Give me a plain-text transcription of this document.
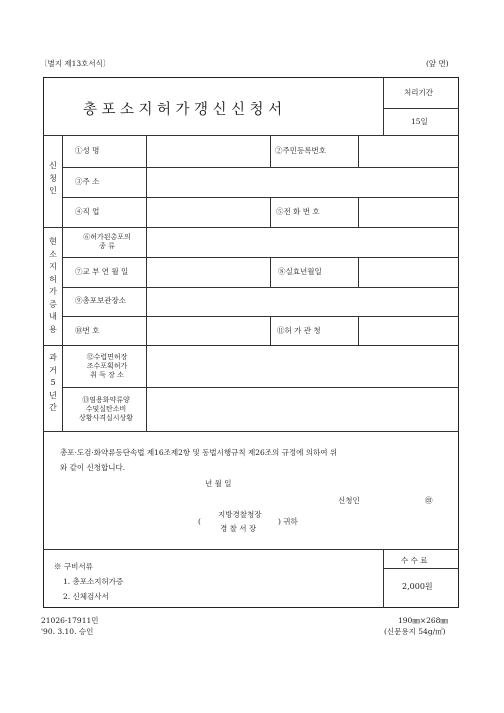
〔별지 제13호서식〕	(앞 면)
총포소지허가갱신신청서
처리기간
15일
신청인
현소지허가증내용
과거5년간
①성 명	②주민등록번호
③주 소
④직 업	⑤전 화 번 호
⑥허가된총포의
종 류
⑦교 부 연 월 일	⑧실효년월일
⑨총포보관장소
⑩번 호	⑪허 가 관 청
⑫수렵면허장
조수포획허가
취 득 장 소
⑬염용화약류양
수및실탄소비
상황사격실시상황
총포·도검·화약류등단속법 제16조제2항 및 동법시행규칙 제26조의 규정에 의하여 위
와 같이 신청합니다.
년 월 일
신청인	㊞
(
지방경찰청장
경 찰 서 장
) 귀하
※ 구비서류
1. 총포소지허가증
2. 신체검사서
수 수 료
2,000원
21026-17911민
'90. 3.10. 승인
190㎜×268㎜
(신문용지 54g/㎡)
